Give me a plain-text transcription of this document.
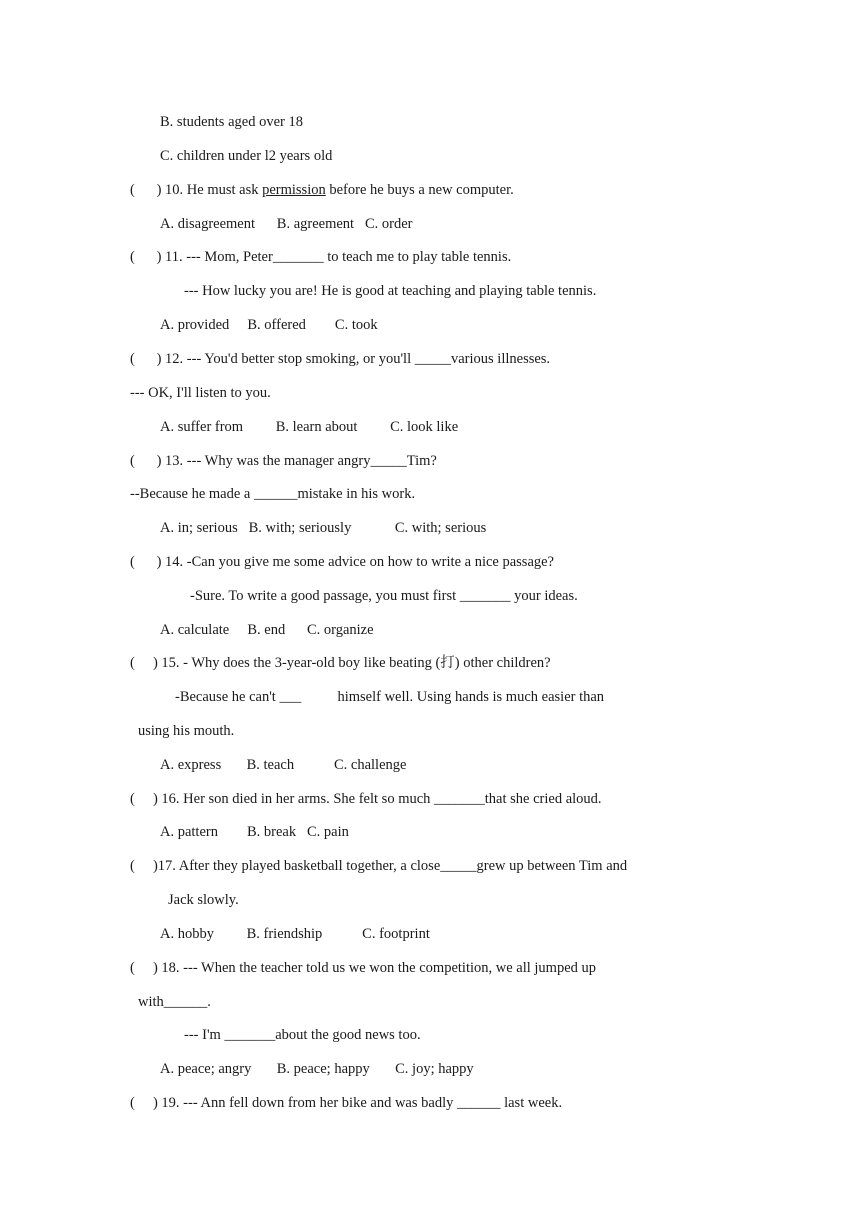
B. students aged over 18
C. children under l2 years old
(      ) 10. He must ask permission before he buys a new computer.
A. disagreement      B. agreement   C. order
(      ) 11. --- Mom, Peter_______ to teach me to play table tennis.
--- How lucky you are! He is good at teaching and playing table tennis.
A. provided     B. offered        C. took
(      ) 12. --- You'd better stop smoking, or you'll _____various illnesses.
--- OK, I'll listen to you.
A. suffer from         B. learn about         C. look like
(      ) 13. --- Why was the manager angry_____Tim?
--Because he made a ______mistake in his work.
A. in; serious   B. with; seriously            C. with; serious
(      ) 14. -Can you give me some advice on how to write a nice passage?
-Sure. To write a good passage, you must first _______ your ideas.
A. calculate     B. end      C. organize
(     ) 15. - Why does the 3-year-old boy like beating (打) other children?
-Because he can't ___          himself well. Using hands is much easier than
using his mouth.
A. express       B. teach           C. challenge
(     ) 16. Her son died in her arms. She felt so much _______that she cried aloud.
A. pattern        B. break   C. pain
(     )17. After they played basketball together, a close_____grew up between Tim and
Jack slowly.
A. hobby         B. friendship           C. footprint
(     ) 18. --- When the teacher told us we won the competition, we all jumped up
with______.
--- I'm _______about the good news too.
A. peace; angry       B. peace; happy       C. joy; happy
(     ) 19. --- Ann fell down from her bike and was badly ______ last week.
